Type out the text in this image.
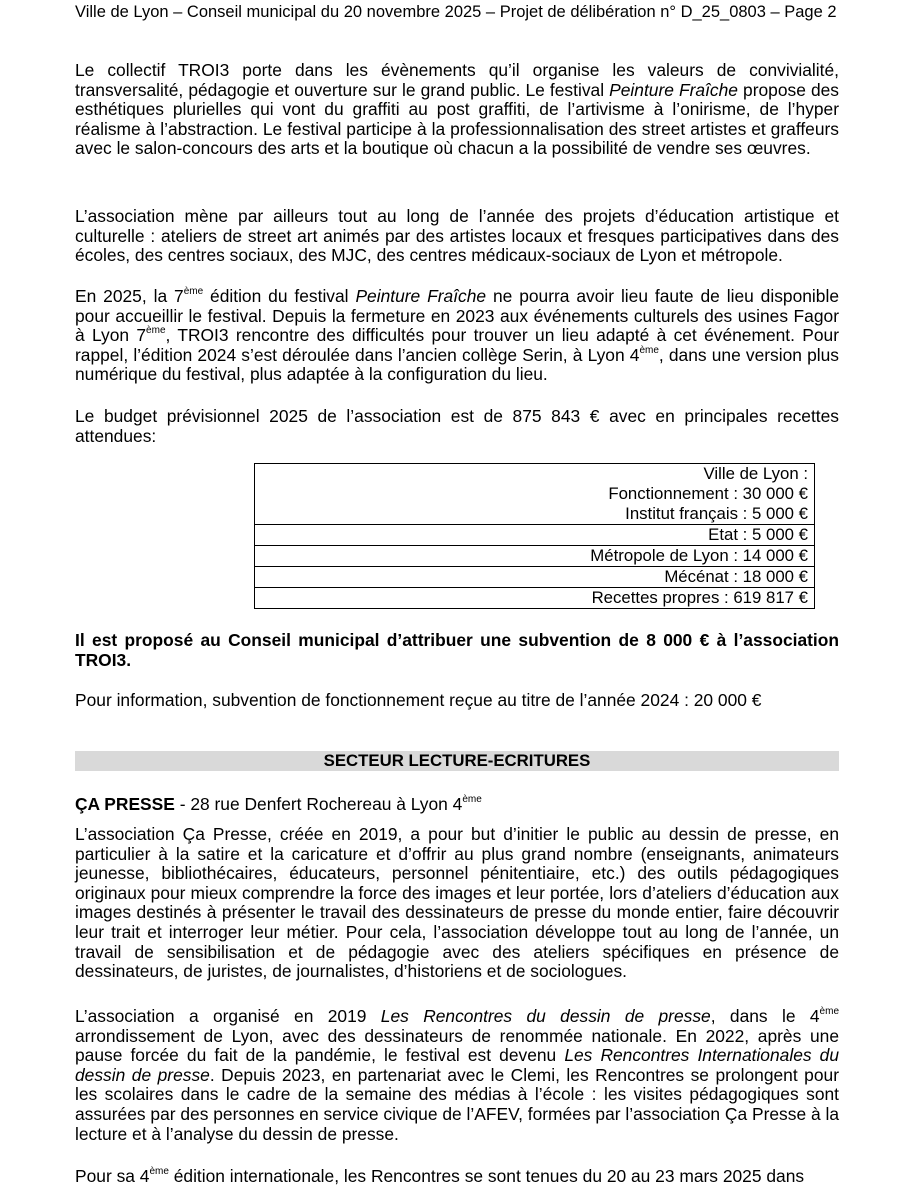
Ville de Lyon – Conseil municipal du 20 novembre 2025 – Projet de délibération n° D_25_0803 – Page 2

Le collectif TROI3 porte dans les évènements qu’il organise les valeurs de convivialité, transversalité, pédagogie et ouverture sur le grand public. Le festival Peinture Fraîche propose des esthétiques plurielles qui vont du graffiti au post graffiti, de l’artivisme à l’onirisme, de l’hyper réalisme à l’abstraction. Le festival participe à la professionnalisation des street artistes et graffeurs avec le salon-concours des arts et la boutique où chacun a la possibilité de vendre ses œuvres.

L’association mène par ailleurs tout au long de l’année des projets d’éducation artistique et culturelle : ateliers de street art animés par des artistes locaux et fresques participatives dans des écoles, des centres sociaux, des MJC, des centres médicaux-sociaux de Lyon et métropole.

En 2025, la 7ème édition du festival Peinture Fraîche ne pourra avoir lieu faute de lieu disponible pour accueillir le festival. Depuis la fermeture en 2023 aux événements culturels des usines Fagor à Lyon 7ème, TROI3 rencontre des difficultés pour trouver un lieu adapté à cet événement. Pour rappel, l’édition 2024 s’est déroulée dans l’ancien collège Serin, à Lyon 4ème, dans une version plus numérique du festival, plus adaptée à la configuration du lieu.

Le budget prévisionnel 2025 de l’association est de 875 843 € avec en principales recettes attendues:

Ville de Lyon :
Fonctionnement : 30 000 €
Institut français : 5 000 €

Etat : 5 000 €
Métropole de Lyon : 14 000 €
Mécénat : 18 000 €
Recettes propres : 619 817 €

Il est proposé au Conseil municipal d’attribuer une subvention de 8 000 € à l’association TROI3.

Pour information, subvention de fonctionnement reçue au titre de l’année 2024 : 20 000 €

SECTEUR LECTURE-ECRITURES

ÇA PRESSE - 28 rue Denfert Rochereau à Lyon 4ème

L’association Ça Presse, créée en 2019, a pour but d’initier le public au dessin de presse, en particulier à la satire et la caricature et d’offrir au plus grand nombre (enseignants, animateurs jeunesse, bibliothécaires, éducateurs, personnel pénitentiaire, etc.) des outils pédagogiques originaux pour mieux comprendre la force des images et leur portée, lors d’ateliers d’éducation aux images destinés à présenter le travail des dessinateurs de presse du monde entier, faire découvrir leur trait et interroger leur métier. Pour cela, l’association développe tout au long de l’année, un travail de sensibilisation et de pédagogie avec des ateliers spécifiques en présence de dessinateurs, de juristes, de journalistes, d’historiens et de sociologues.

L’association a organisé en 2019 Les Rencontres du dessin de presse, dans le 4ème arrondissement de Lyon, avec des dessinateurs de renommée nationale. En 2022, après une pause forcée du fait de la pandémie, le festival est devenu Les Rencontres Internationales du dessin de presse. Depuis 2023, en partenariat avec le Clemi, les Rencontres se prolongent pour les scolaires dans le cadre de la semaine des médias à l’école : les visites pédagogiques sont assurées par des personnes en service civique de l’AFEV, formées par l’association Ça Presse à la lecture et à l’analyse du dessin de presse.

Pour sa 4ème édition internationale, les Rencontres se sont tenues du 20 au 23 mars 2025 dans
